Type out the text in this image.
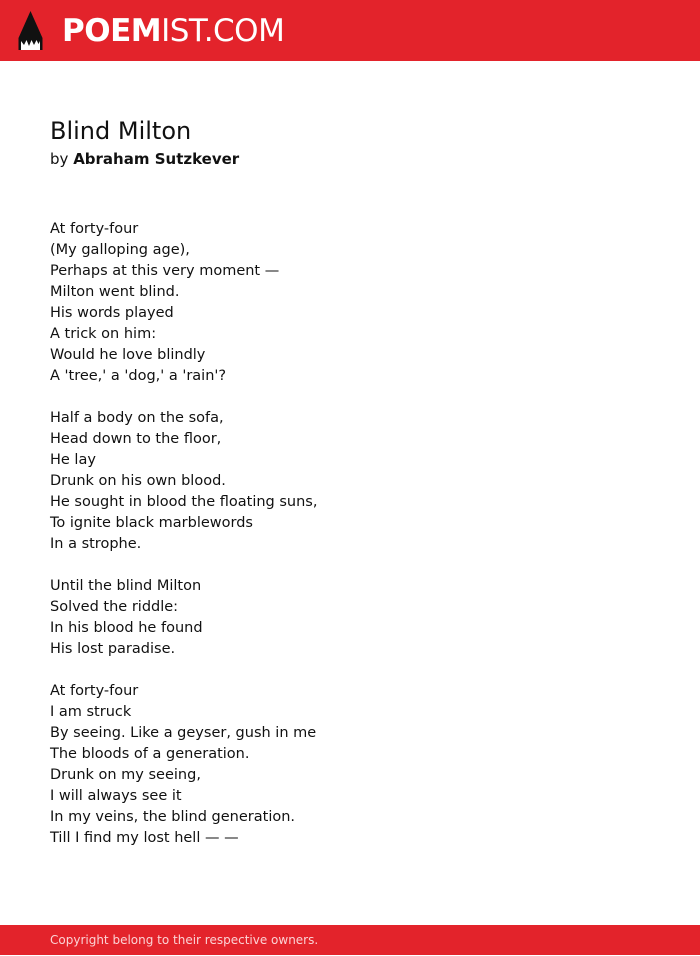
POEMIST.COM
Blind Milton
by Abraham Sutzkever
At forty-four
(My galloping age),
Perhaps at this very moment —
Milton went blind.
His words played
A trick on him:
Would he love blindly
A 'tree,' a 'dog,' a 'rain'?
Half a body on the sofa,
Head down to the floor,
He lay
Drunk on his own blood.
He sought in blood the floating suns,
To ignite black marblewords
In a strophe.
Until the blind Milton
Solved the riddle:
In his blood he found
His lost paradise.
At forty-four
I am struck
By seeing. Like a geyser, gush in me
The bloods of a generation.
Drunk on my seeing,
I will always see it
In my veins, the blind generation.
Till I find my lost hell — —
Copyright belong to their respective owners.
